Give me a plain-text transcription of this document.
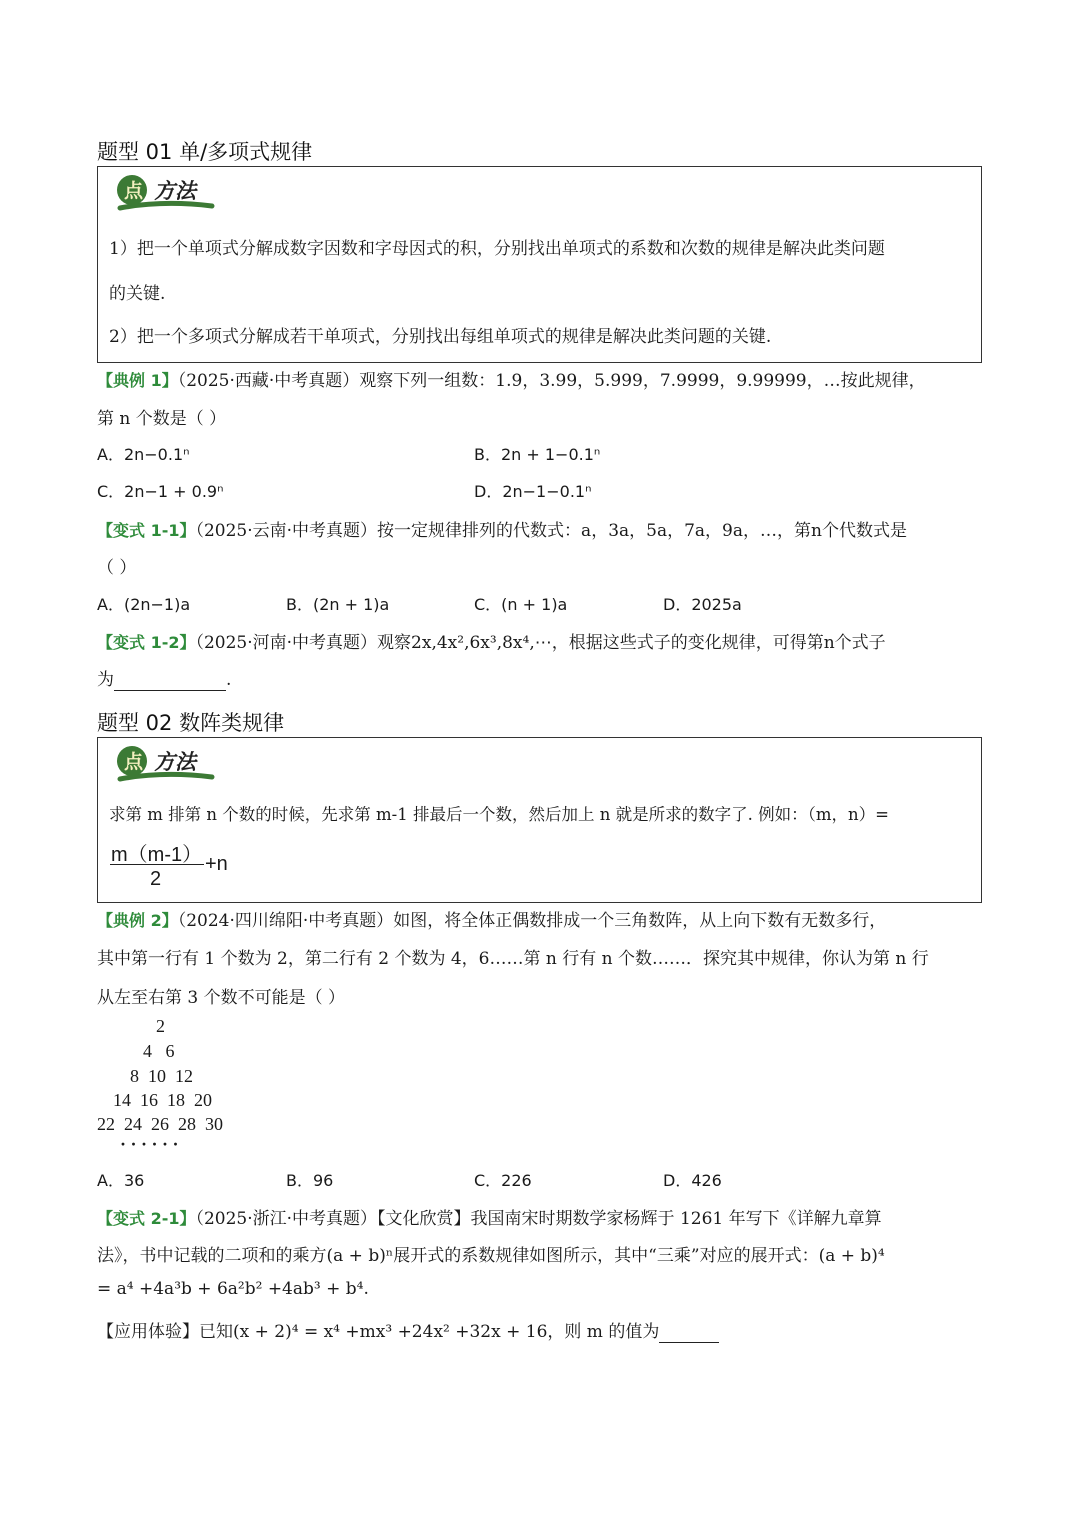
题型 01 单/多项式规律
点 方法
1）把一个单项式分解成数字因数和字母因式的积，分别找出单项式的系数和次数的规律是解决此类问题
的关键.
2）把一个多项式分解成若干单项式，分别找出每组单项式的规律是解决此类问题的关键.
【典例 1】（2025·西藏·中考真题）观察下列一组数：1.9，3.99，5.999，7.9999，9.99999，…按此规律，
第 n 个数是（ ）
A．2n−0.1ⁿ	B．2n + 1−0.1ⁿ
C．2n−1 + 0.9ⁿ	D．2n−1−0.1ⁿ
【变式 1-1】（2025·云南·中考真题）按一定规律排列的代数式：a，3a，5a，7a，9a，…，第n个代数式是
（ ）
A．(2n−1)a	B．(2n + 1)a	C．(n + 1)a	D．2025a
【变式 1-2】（2025·河南·中考真题）观察2x,4x²,6x³,8x⁴,⋯，根据这些式子的变化规律，可得第n个式子
为	.
题型 02 数阵类规律
点 方法
求第 m 排第 n 个数的时候，先求第 m-1 排最后一个数，然后加上 n 就是所求的数字了. 例如：（m，n）=
m（m-1）
2
+n
【典例 2】（2024·四川绵阳·中考真题）如图，将全体正偶数排成一个三角数阵，从上向下数有无数多行，
其中第一行有 1 个数为 2，第二行有 2 个数为 4，6……第 n 行有 n 个数……．探究其中规律，你认为第 n 行
从左至右第 3 个数不可能是（ ）
2
4   6
8  10  12
14  16  18  20
22  24  26  28  30
· · · · · ·
A．36	B．96	C．226	D．426
【变式 2-1】（2025·浙江·中考真题）【文化欣赏】我国南宋时期数学家杨辉于 1261 年写下《详解九章算
法》，书中记载的二项和的乘方(a + b)ⁿ展开式的系数规律如图所示，其中“三乘”对应的展开式：(a + b)⁴
= a⁴ +4a³b + 6a²b² +4ab³ + b⁴.
【应用体验】已知(x + 2)⁴ = x⁴ +mx³ +24x² +32x + 16，则 m 的值为
